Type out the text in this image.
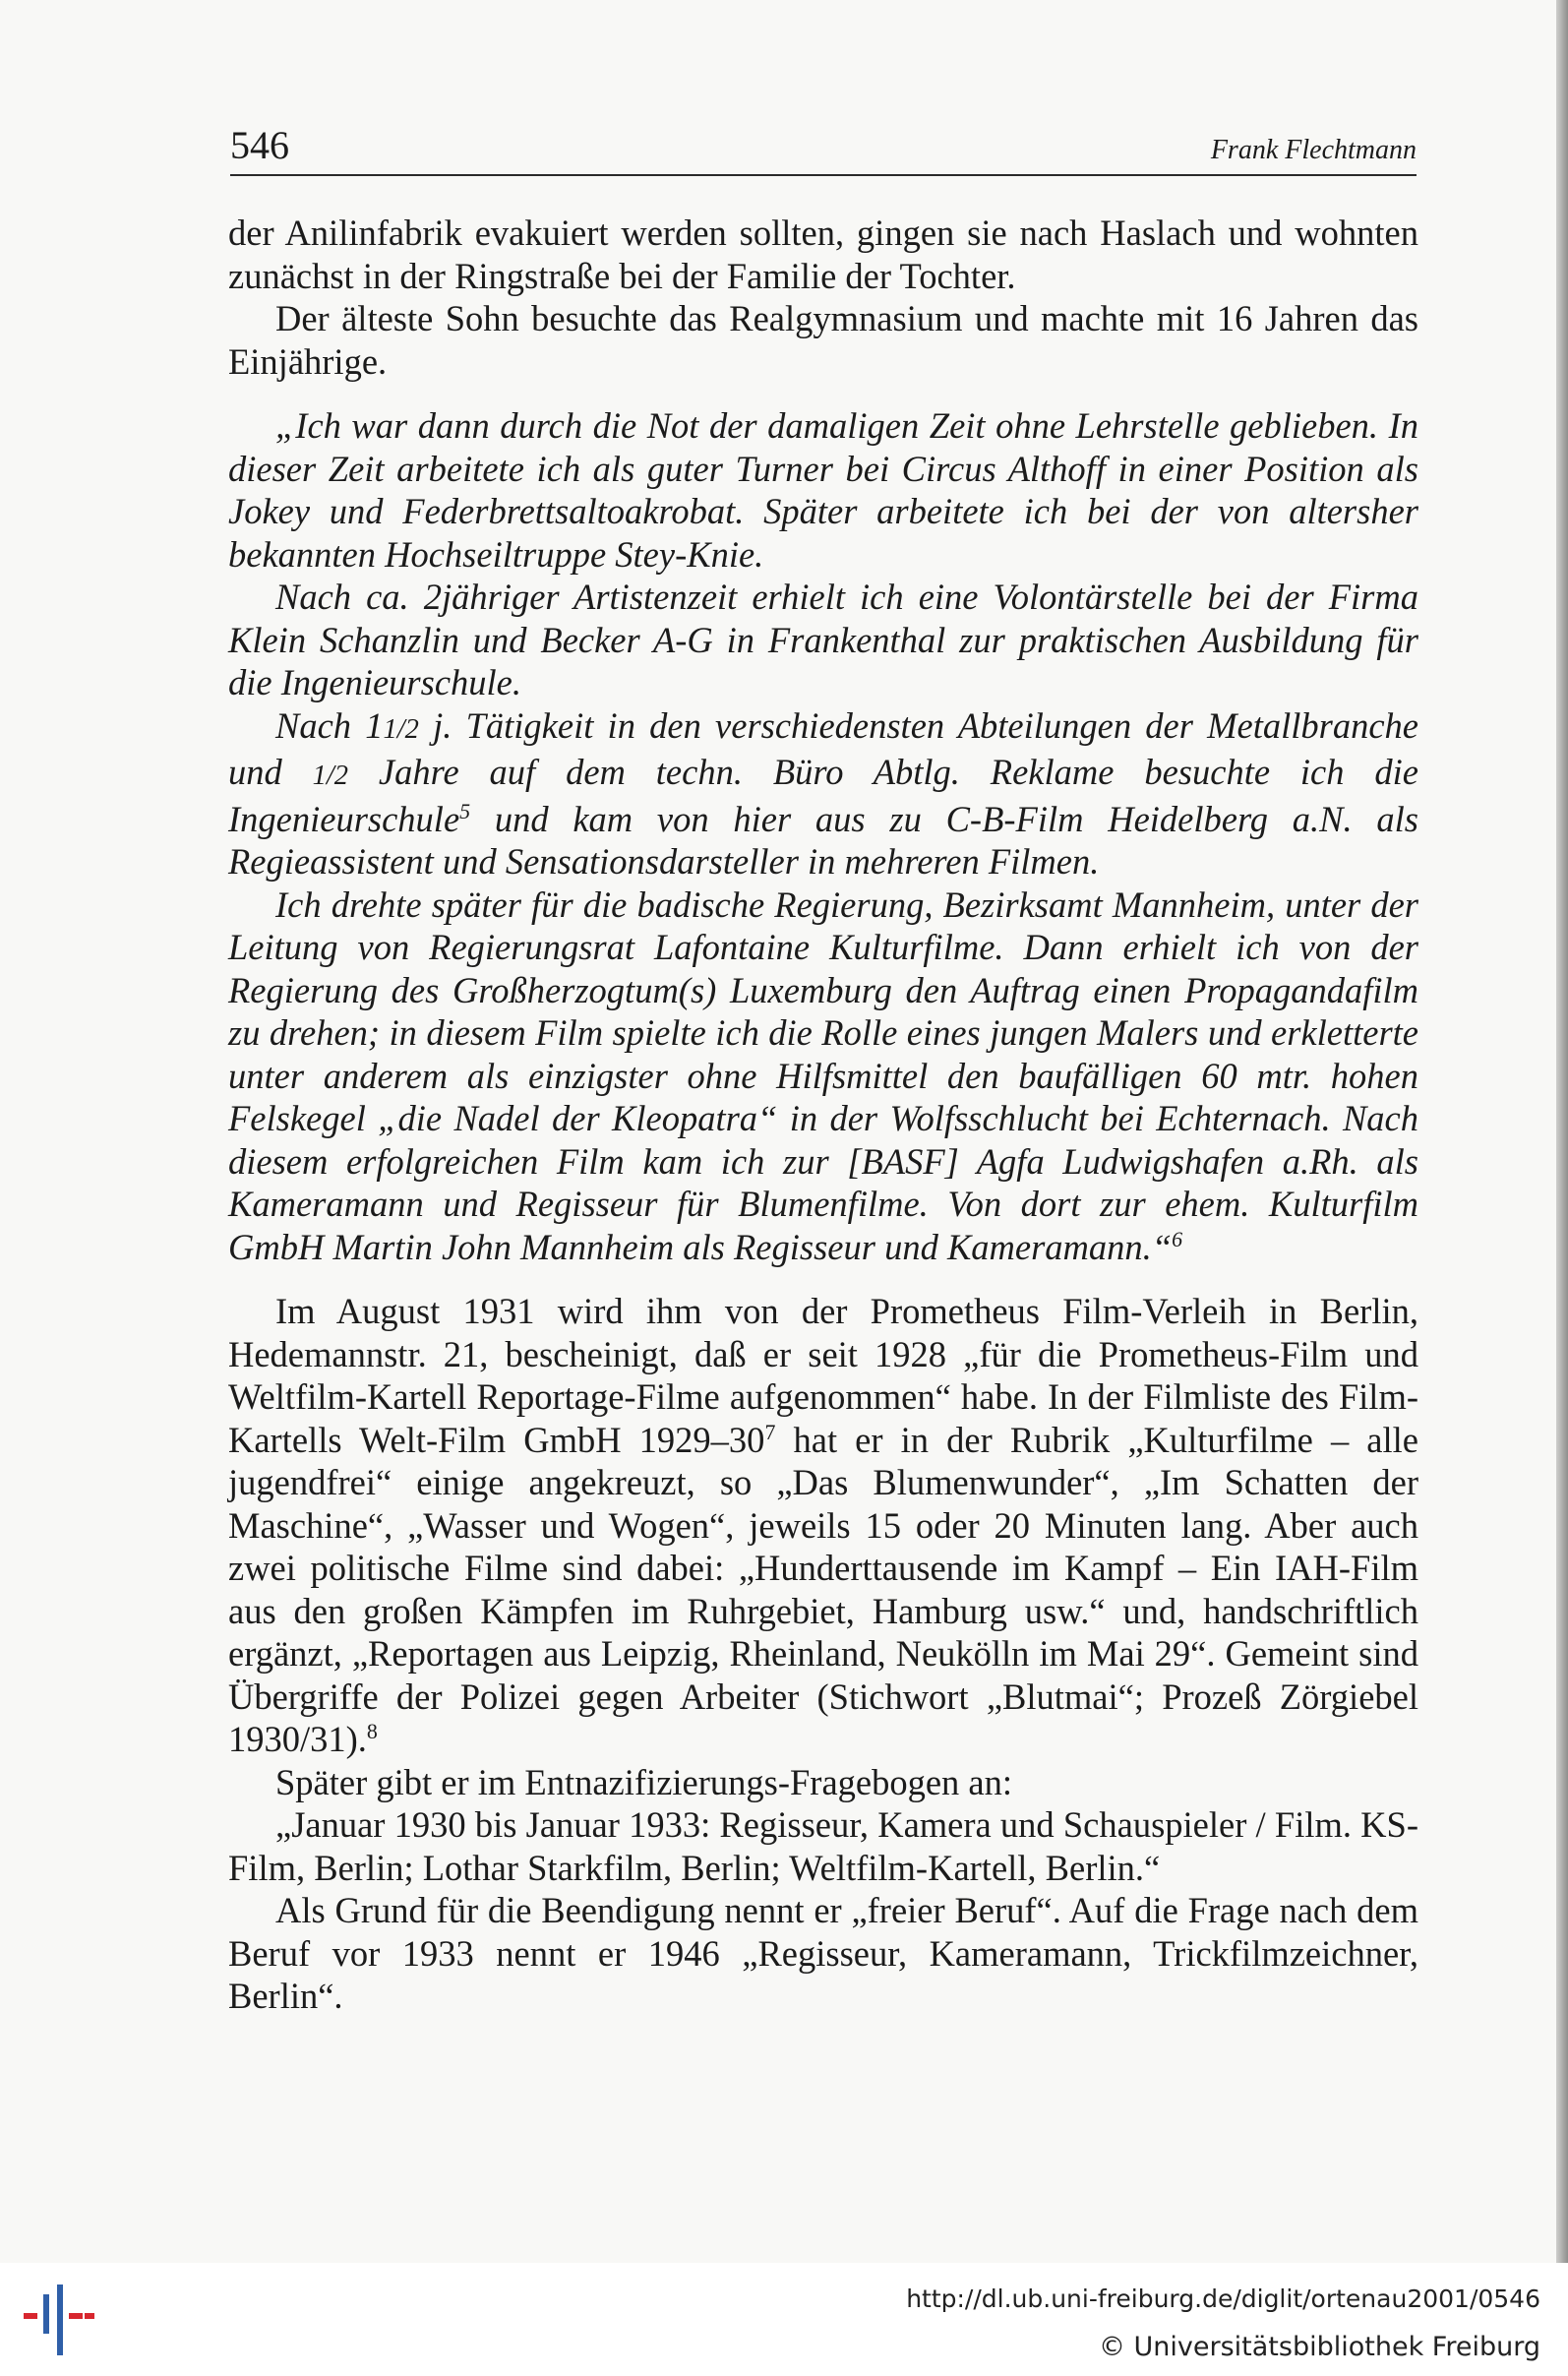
546	Frank Flechtmann

der Anilinfabrik evakuiert werden sollten, gingen sie nach Haslach und wohnten zunächst in der Ringstraße bei der Familie der Tochter.

Der älteste Sohn besuchte das Realgymnasium und machte mit 16 Jahren das Einjährige.

„Ich war dann durch die Not der damaligen Zeit ohne Lehrstelle geblieben. In dieser Zeit arbeitete ich als guter Turner bei Circus Althoff in einer Position als Jokey und Federbrettsaltoakrobat. Später arbeitete ich bei der von altersher bekannten Hochseiltruppe Stey-Knie.

Nach ca. 2jähriger Artistenzeit erhielt ich eine Volontärstelle bei der Firma Klein Schanzlin und Becker A-G in Frankenthal zur praktischen Ausbildung für die Ingenieurschule.

Nach 11/2 j. Tätigkeit in den verschiedensten Abteilungen der Metallbranche und 1/2 Jahre auf dem techn. Büro Abtlg. Reklame besuchte ich die Ingenieurschule$^5$ und kam von hier aus zu C-B-Film Heidelberg a.N. als Regieassistent und Sensationsdarsteller in mehreren Filmen.

Ich drehte später für die badische Regierung, Bezirksamt Mannheim, unter der Leitung von Regierungsrat Lafontaine Kulturfilme. Dann erhielt ich von der Regierung des Großherzogtum(s) Luxemburg den Auftrag einen Propagandafilm zu drehen; in diesem Film spielte ich die Rolle eines jungen Malers und erkletterte unter anderem als einzigster ohne Hilfsmittel den baufälligen 60 mtr. hohen Felskegel „die Nadel der Kleopatra“ in der Wolfsschlucht bei Echternach. Nach diesem erfolgreichen Film kam ich zur [BASF] Agfa Ludwigshafen a.Rh. als Kameramann und Regisseur für Blumenfilme. Von dort zur ehem. Kulturfilm GmbH Martin John Mannheim als Regisseur und Kameramann.“$^6$

Im August 1931 wird ihm von der Prometheus Film-Verleih in Berlin, Hedemannstr. 21, bescheinigt, daß er seit 1928 „für die Prometheus-Film und Weltfilm-Kartell Reportage-Filme aufgenommen“ habe. In der Filmliste des Film-Kartells Welt-Film GmbH $1929-30^7$ hat er in der Rubrik „Kulturfilme – alle jugendfrei“ einige angekreuzt, so „Das Blumenwunder“, „Im Schatten der Maschine“, „Wasser und Wogen“, jeweils 15 oder 20 Minuten lang. Aber auch zwei politische Filme sind dabei: „Hunderttausende im Kampf – Ein IAH-Film aus den großen Kämpfen im Ruhrgebiet, Hamburg usw.“ und, handschriftlich ergänzt, „Reportagen aus Leipzig, Rheinland, Neukölln im Mai 29“. Gemeint sind Übergriffe der Polizei gegen Arbeiter (Stichwort „Blutmai“; Prozeß Zörgiebel 1930/31).$^8$

Später gibt er im Entnazifizierungs-Fragebogen an:

„Januar 1930 bis Januar 1933: Regisseur, Kamera und Schauspieler / Film. KS-Film, Berlin; Lothar Starkfilm, Berlin; Weltfilm-Kartell, Berlin.“

Als Grund für die Beendigung nennt er „freier Beruf“. Auf die Frage nach dem Beruf vor 1933 nennt er 1946 „Regisseur, Kameramann, Trickfilmzeichner, Berlin“.

http://dl.ub.uni-freiburg.de/diglit/ortenau2001/0546
© Universitätsbibliothek Freiburg
